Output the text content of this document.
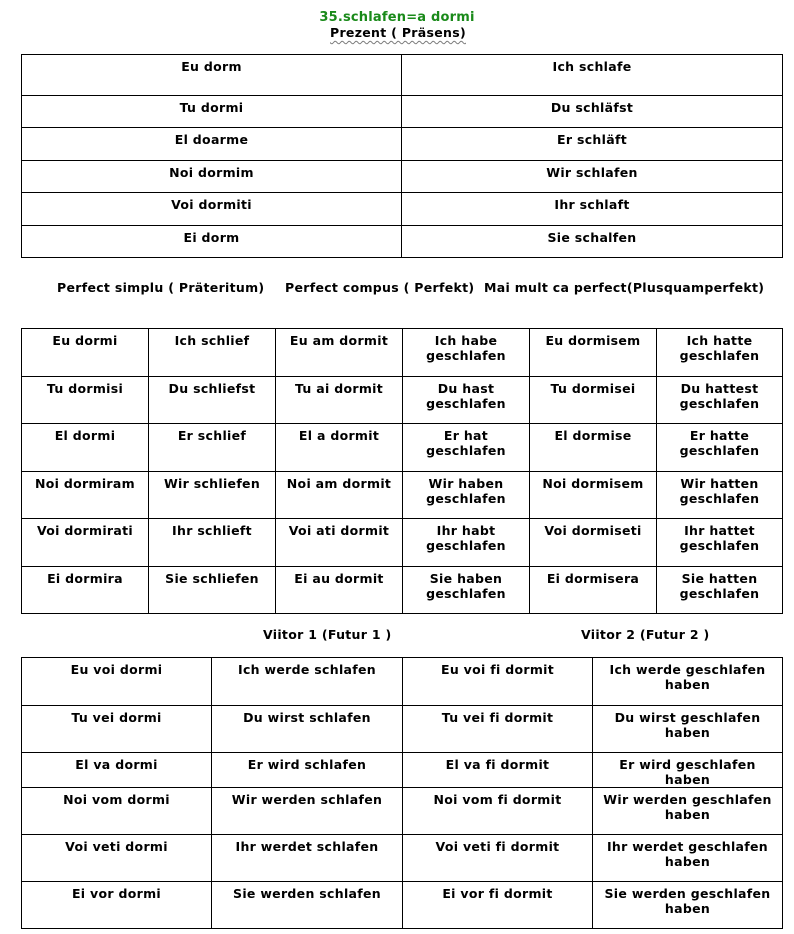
35.schlafen=a dormi
Prezent ( Präsens)
Eu dorm	Ich schlafe
Tu dormi	Du schläfst
El doarme	Er schläft
Noi dormim	Wir schlafen
Voi dormiti	Ihr schlaft
Ei dorm	Sie schalfen
Perfect simplu ( Präteritum) Perfect compus ( Perfekt) Mai mult ca perfect(Plusquamperfekt)
Eu dormi	Ich schlief	Eu am dormit	Ich habe geschlafen	Eu dormisem	Ich hatte geschlafen
Tu dormisi	Du schliefst	Tu ai dormit	Du hast geschlafen	Tu dormisei	Du hattest geschlafen
El dormi	Er schlief	El a dormit	Er hat geschlafen	El dormise	Er hatte geschlafen
Noi dormiram	Wir schliefen	Noi am dormit	Wir haben geschlafen	Noi dormisem	Wir hatten geschlafen
Voi dormirati	Ihr schlieft	Voi ati dormit	Ihr habt geschlafen	Voi dormiseti	Ihr hattet geschlafen
Ei dormira	Sie schliefen	Ei au dormit	Sie haben geschlafen	Ei dormisera	Sie hatten geschlafen
Viitor 1 (Futur 1 )	Viitor 2 (Futur 2 )
Eu voi dormi	Ich werde schlafen	Eu voi fi dormit	Ich werde geschlafen haben
Tu vei dormi	Du wirst schlafen	Tu vei fi dormit	Du wirst geschlafen haben
El va dormi	Er wird schlafen	El va fi dormit	Er wird geschlafen haben
Noi vom dormi	Wir werden schlafen	Noi vom fi dormit	Wir werden geschlafen haben
Voi veti dormi	Ihr werdet schlafen	Voi veti fi dormit	Ihr werdet geschlafen haben
Ei vor dormi	Sie werden schlafen	Ei vor fi dormit	Sie werden geschlafen haben
